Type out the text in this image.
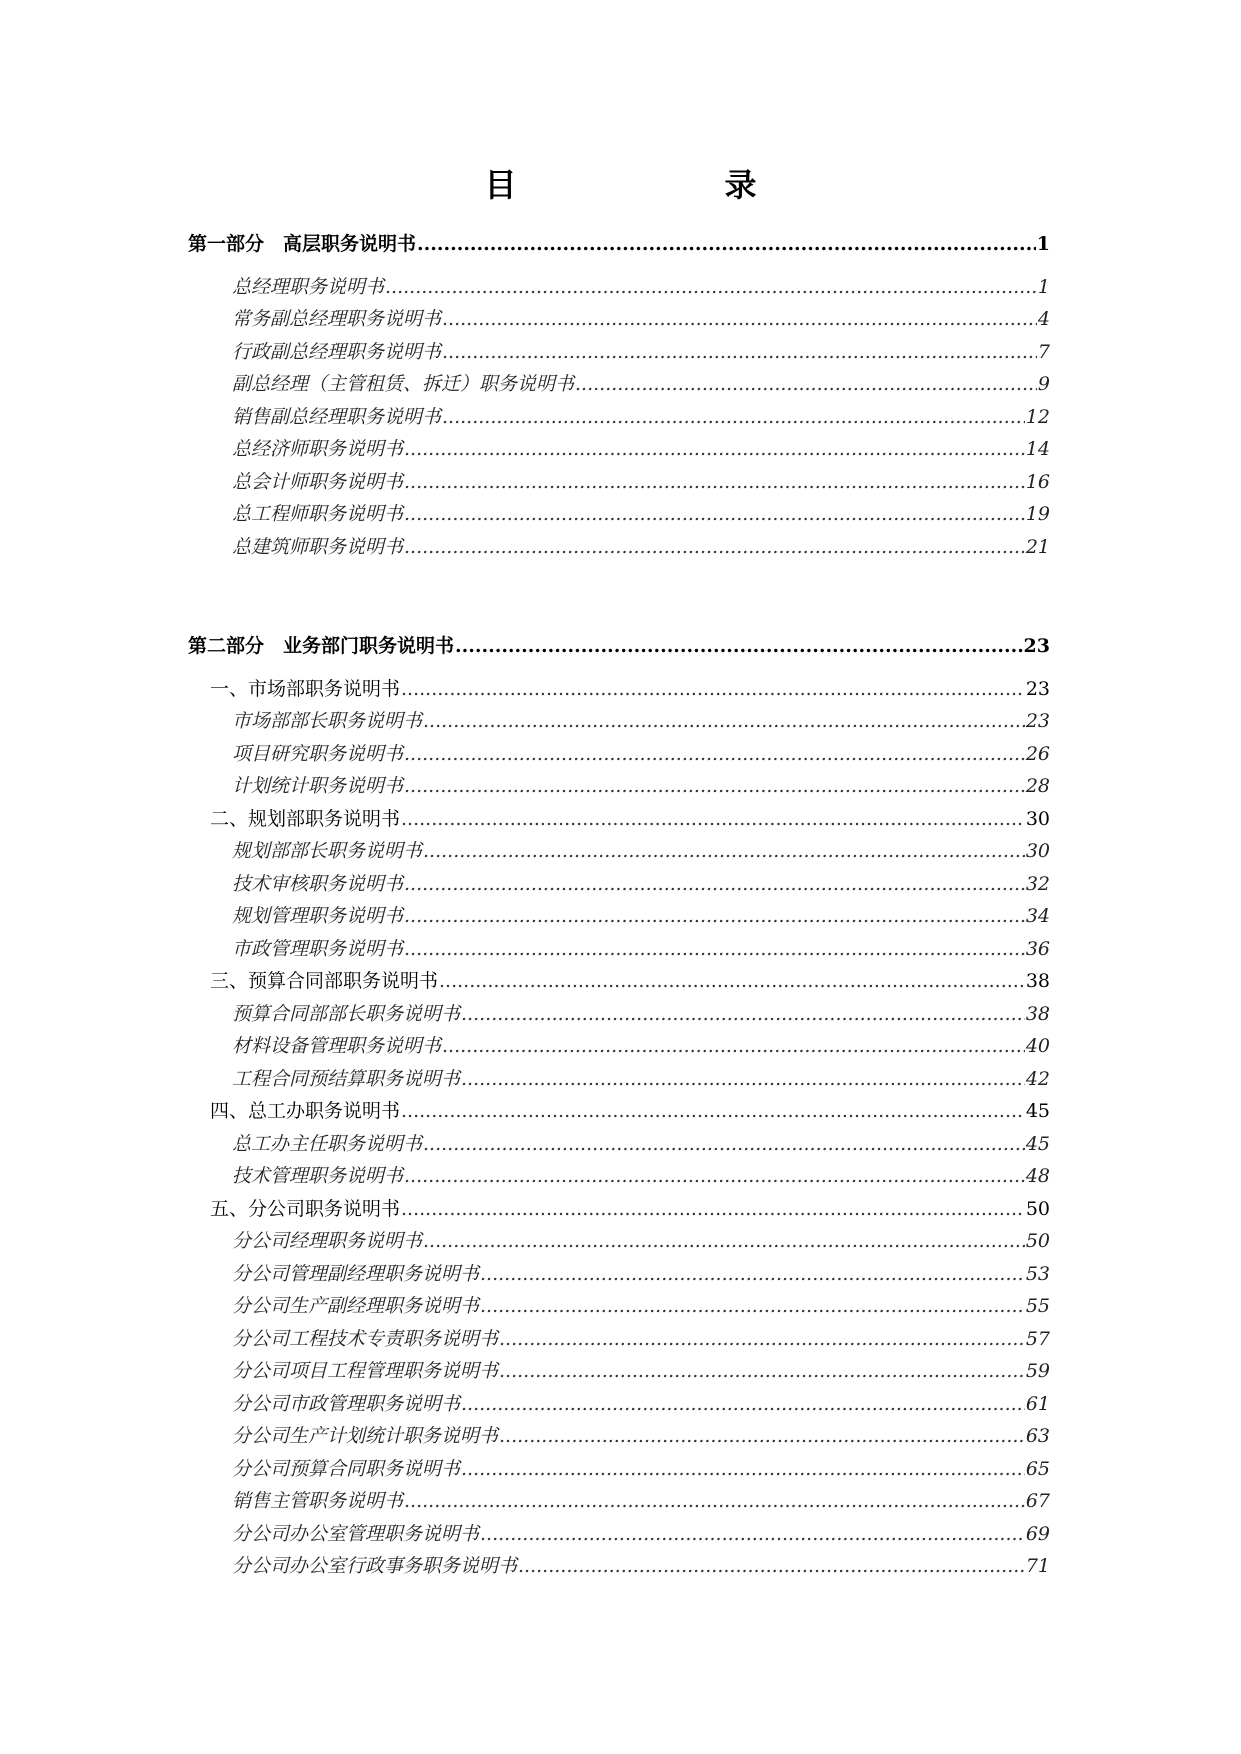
目　　录
第一部分　高层职务说明书 .....	1
总经理职务说明书 .....	1
常务副总经理职务说明书 .....	4
行政副总经理职务说明书 .....	7
副总经理（主管租赁、拆迁）职务说明书 .....	9
销售副总经理职务说明书 .....	12
总经济师职务说明书 .....	14
总会计师职务说明书 .....	16
总工程师职务说明书 .....	19
总建筑师职务说明书 .....	21
第二部分　业务部门职务说明书 .....	23
一、市场部职务说明书 .....	23
市场部部长职务说明书 .....	23
项目研究职务说明书 .....	26
计划统计职务说明书 .....	28
二、规划部职务说明书 .....	30
规划部部长职务说明书 .....	30
技术审核职务说明书 .....	32
规划管理职务说明书 .....	34
市政管理职务说明书 .....	36
三、预算合同部职务说明书 .....	38
预算合同部部长职务说明书 .....	38
材料设备管理职务说明书 .....	40
工程合同预结算职务说明书 .....	42
四、总工办职务说明书 .....	45
总工办主任职务说明书 .....	45
技术管理职务说明书 .....	48
五、分公司职务说明书 .....	50
分公司经理职务说明书 .....	50
分公司管理副经理职务说明书 .....	53
分公司生产副经理职务说明书 .....	55
分公司工程技术专责职务说明书 .....	57
分公司项目工程管理职务说明书 .....	59
分公司市政管理职务说明书 .....	61
分公司生产计划统计职务说明书 .....	63
分公司预算合同职务说明书 .....	65
销售主管职务说明书 .....	67
分公司办公室管理职务说明书 .....	69
分公司办公室行政事务职务说明书 .....	71
